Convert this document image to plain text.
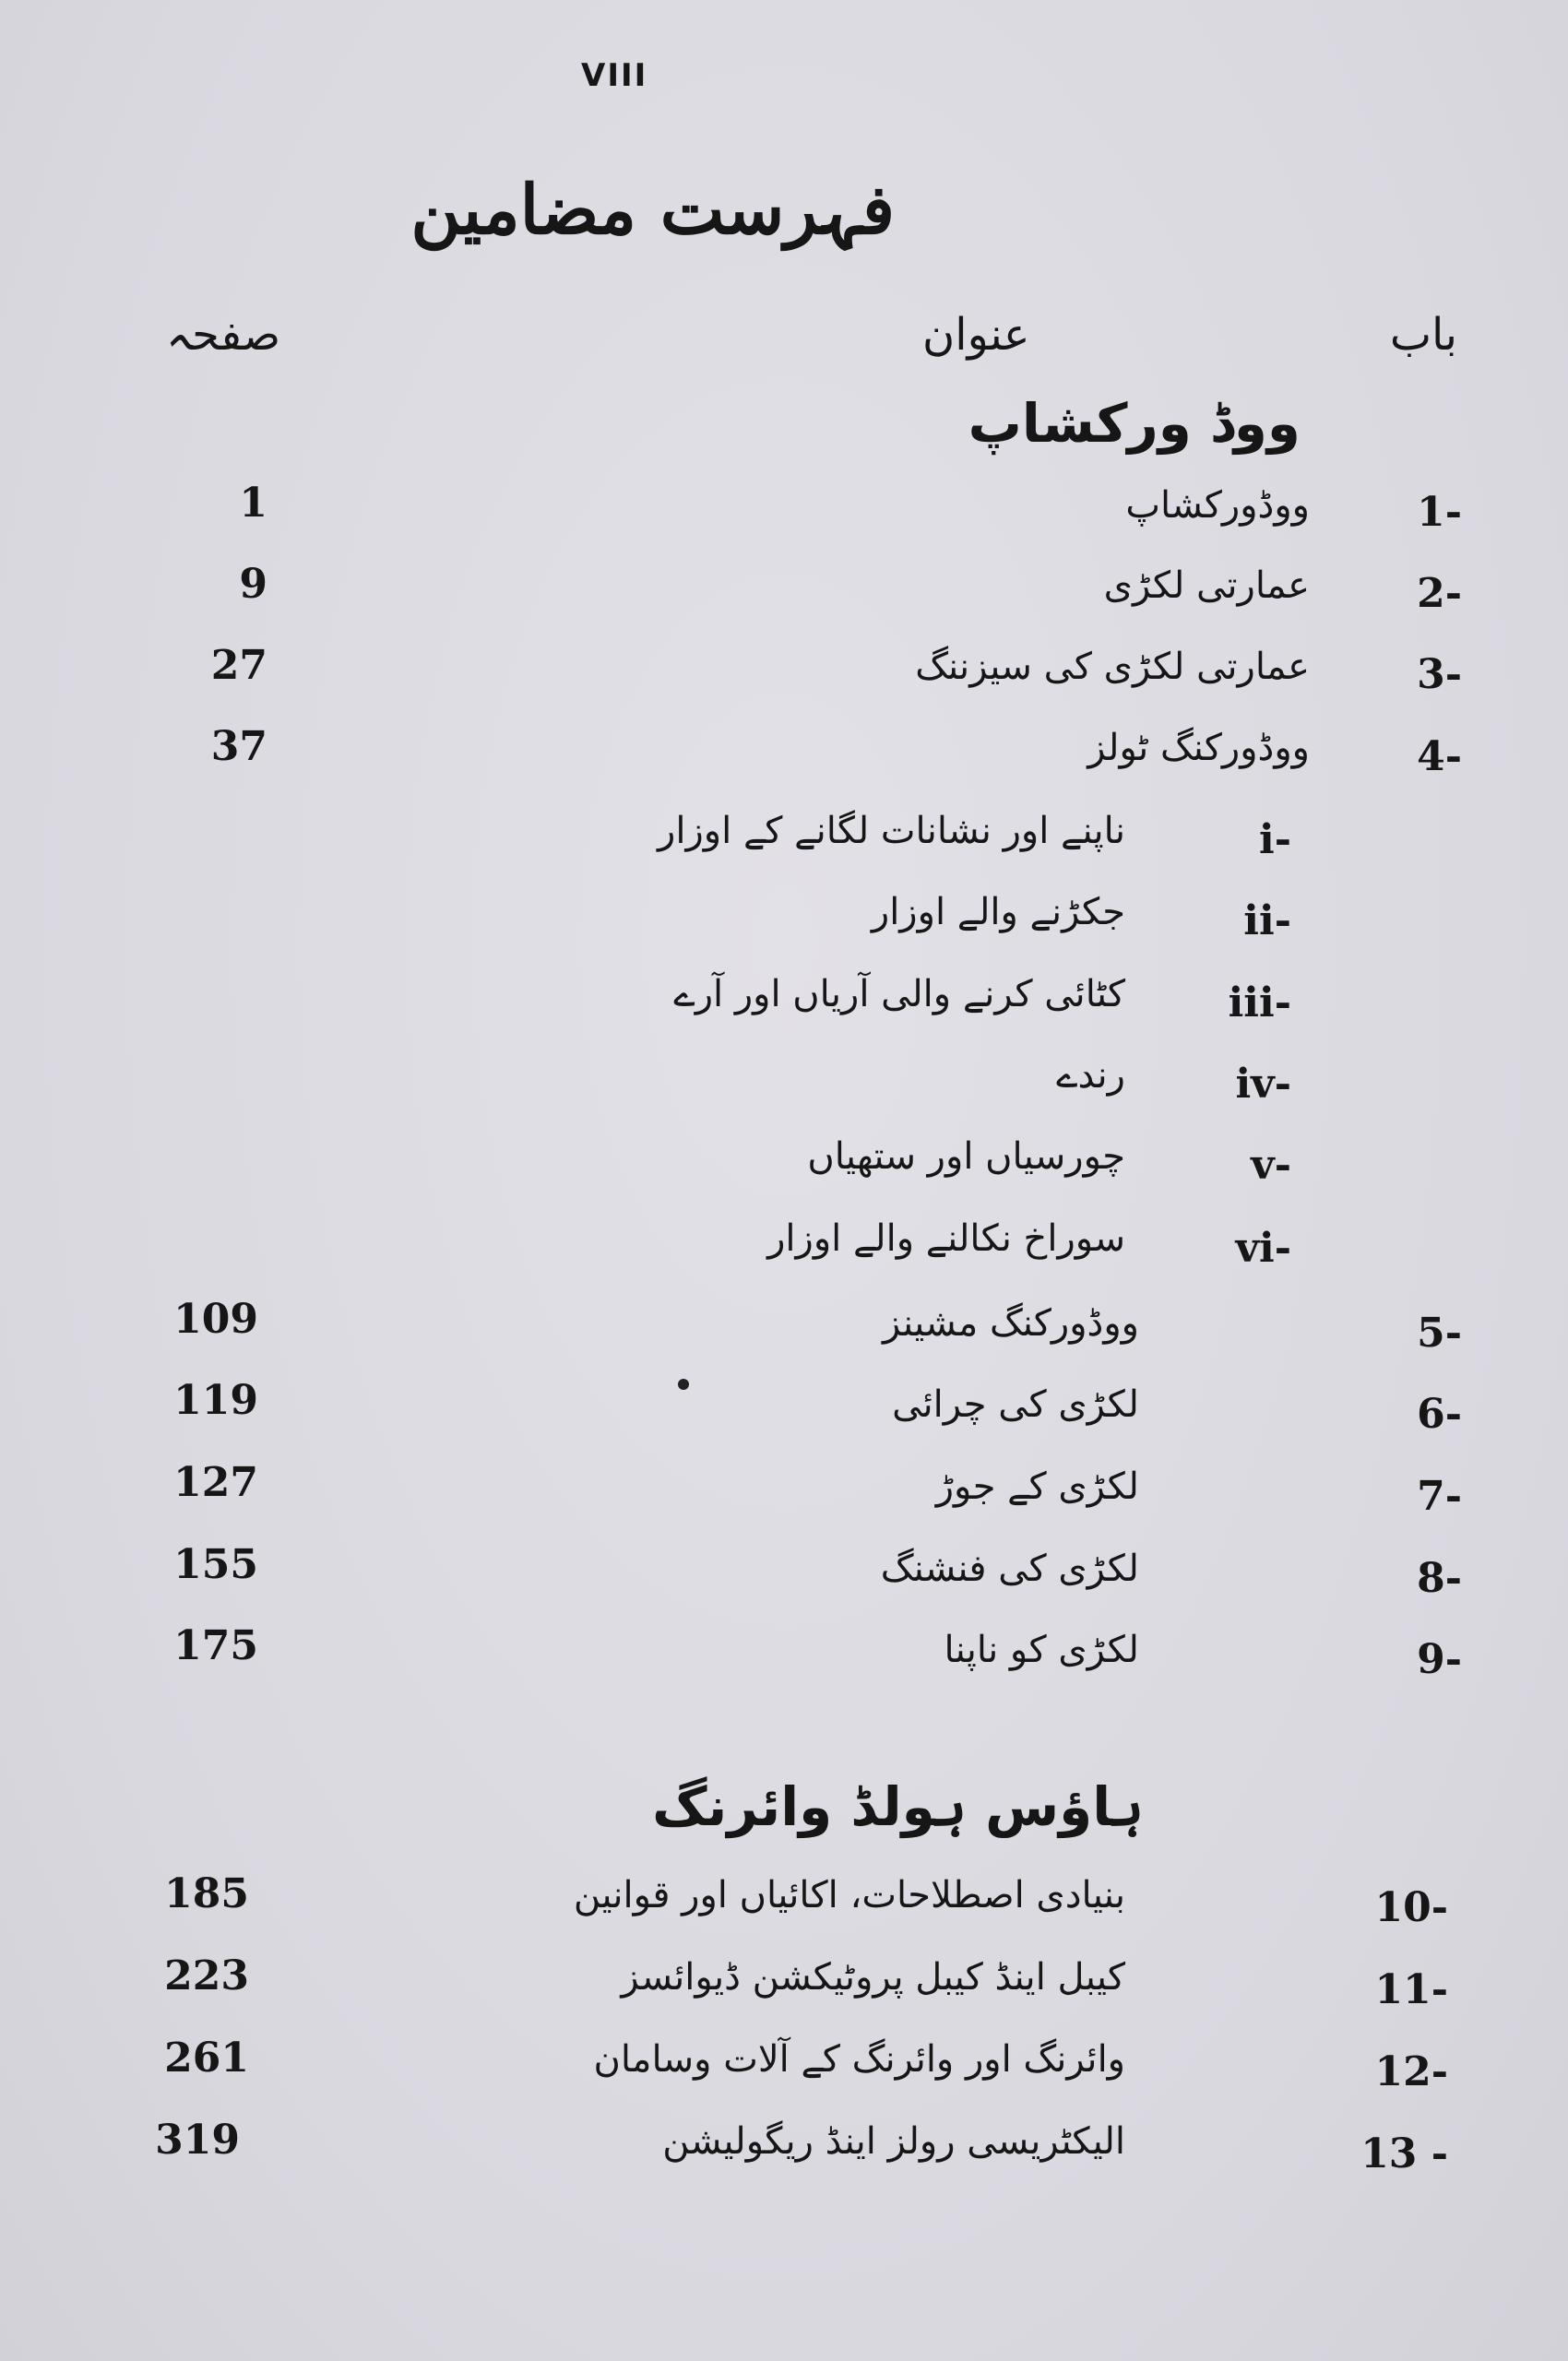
VIII
فہرست مضامین
باب
عنوان
صفحہ
ووڈ ورکشاپ
1-
ووڈورکشاپ
1
2-
عمارتی لکڑی
9
3-
عمارتی لکڑی کی سیزننگ
27
4-
ووڈورکنگ ٹولز
37
i-
ناپنے اور نشانات لگانے کے اوزار
ii-
جکڑنے والے اوزار
iii-
کٹائی کرنے والی آریاں اور آرے
iv-
رندے
v-
چورسیاں اور ستھیاں
vi-
سوراخ نکالنے والے اوزار
5-
ووڈورکنگ مشینز
109
6-
لکڑی کی چرائی
119
7-
لکڑی کے جوڑ
127
8-
لکڑی کی فنشنگ
155
9-
لکڑی کو ناپنا
175
ہاؤس ہولڈ وائرنگ
10-
بنیادی اصطلاحات، اکائیاں اور قوانین
185
11-
کیبل اینڈ کیبل پروٹیکشن ڈیوائسز
223
12-
وائرنگ اور وائرنگ کے آلات وسامان
261
13 -
الیکٹریسی رولز اینڈ ریگولیشن
319
